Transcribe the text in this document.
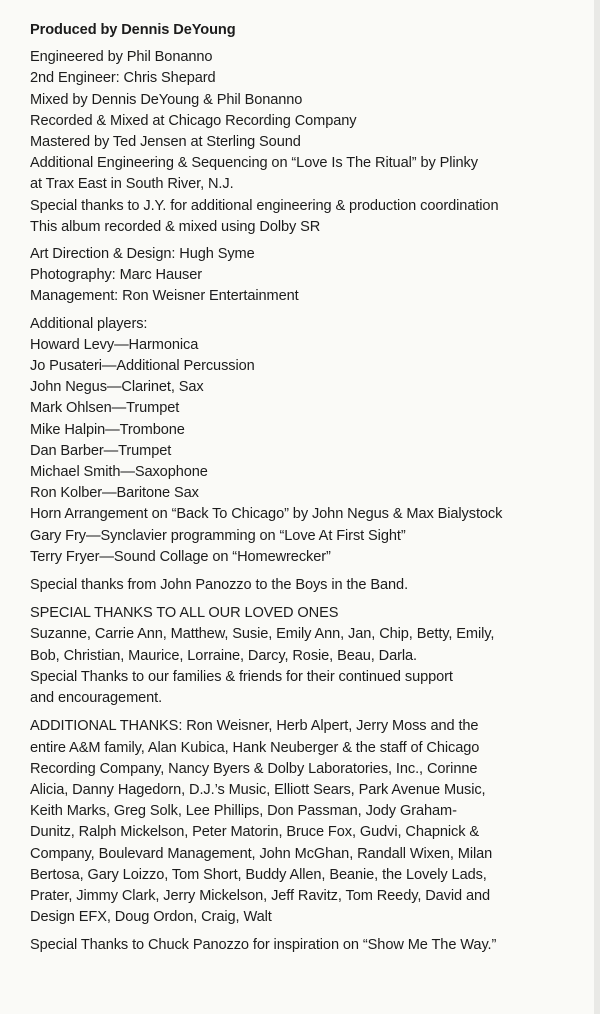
Produced by Dennis DeYoung
Engineered by Phil Bonanno
2nd Engineer: Chris Shepard
Mixed by Dennis DeYoung & Phil Bonanno
Recorded & Mixed at Chicago Recording Company
Mastered by Ted Jensen at Sterling Sound
Additional Engineering & Sequencing on “Love Is The Ritual” by Plinky
at Trax East in South River, N.J.
Special thanks to J.Y. for additional engineering & production coordination
This album recorded & mixed using Dolby SR
Art Direction & Design: Hugh Syme
Photography: Marc Hauser
Management: Ron Weisner Entertainment
Additional players:
Howard Levy—Harmonica
Jo Pusateri—Additional Percussion
John Negus—Clarinet, Sax
Mark Ohlsen—Trumpet
Mike Halpin—Trombone
Dan Barber—Trumpet
Michael Smith—Saxophone
Ron Kolber—Baritone Sax
Horn Arrangement on “Back To Chicago” by John Negus & Max Bialystock
Gary Fry—Synclavier programming on “Love At First Sight”
Terry Fryer—Sound Collage on “Homewrecker”
Special thanks from John Panozzo to the Boys in the Band.
SPECIAL THANKS TO ALL OUR LOVED ONES
Suzanne, Carrie Ann, Matthew, Susie, Emily Ann, Jan, Chip, Betty, Emily,
Bob, Christian, Maurice, Lorraine, Darcy, Rosie, Beau, Darla.
Special Thanks to our families & friends for their continued support
and encouragement.
ADDITIONAL THANKS: Ron Weisner, Herb Alpert, Jerry Moss and the
entire A&M family, Alan Kubica, Hank Neuberger & the staff of Chicago
Recording Company, Nancy Byers & Dolby Laboratories, Inc., Corinne
Alicia, Danny Hagedorn, D.J.’s Music, Elliott Sears, Park Avenue Music,
Keith Marks, Greg Solk, Lee Phillips, Don Passman, Jody Graham-
Dunitz, Ralph Mickelson, Peter Matorin, Bruce Fox, Gudvi, Chapnick &
Company, Boulevard Management, John McGhan, Randall Wixen, Milan
Bertosa, Gary Loizzo, Tom Short, Buddy Allen, Beanie, the Lovely Lads,
Prater, Jimmy Clark, Jerry Mickelson, Jeff Ravitz, Tom Reedy, David and
Design EFX, Doug Ordon, Craig, Walt
Special Thanks to Chuck Panozzo for inspiration on “Show Me The Way.”
